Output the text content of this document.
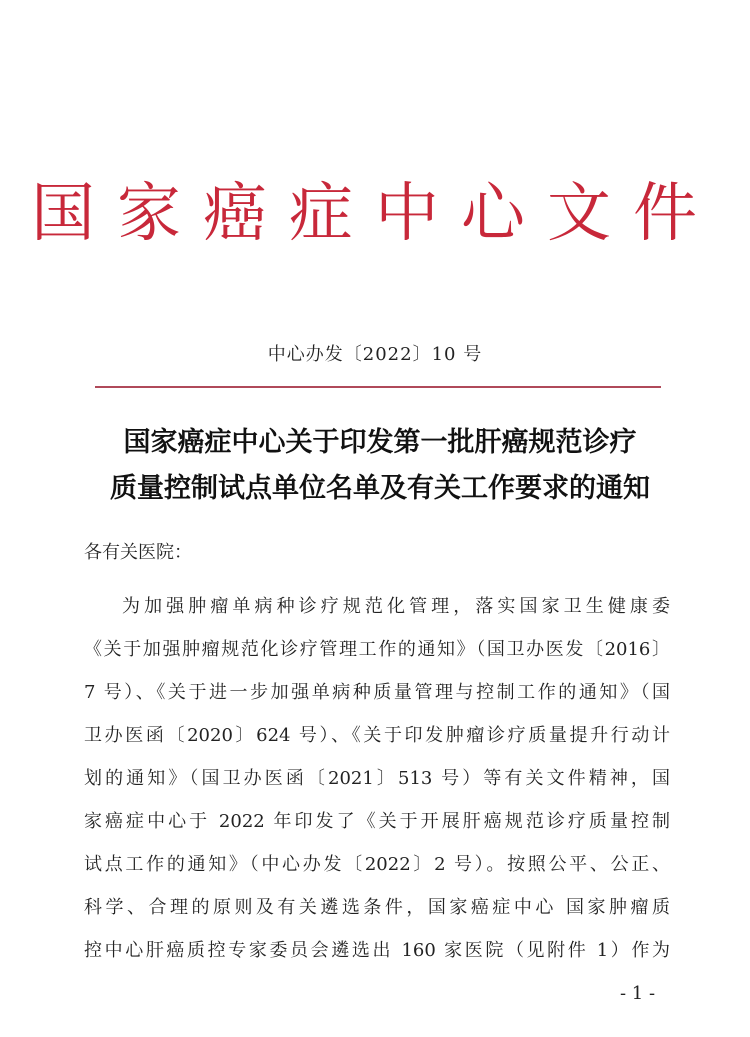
国家癌症中心文件
中心办发〔2022〕10 号
国家癌症中心关于印发第一批肝癌规范诊疗
质量控制试点单位名单及有关工作要求的通知
各有关医院：
为加强肿瘤单病种诊疗规范化管理，落实国家卫生健康委
《关于加强肿瘤规范化诊疗管理工作的通知》（国卫办医发〔2016〕
7 号）、《关于进一步加强单病种质量管理与控制工作的通知》（国
卫办医函〔2020〕624 号）、《关于印发肿瘤诊疗质量提升行动计
划的通知》（国卫办医函〔2021〕513 号）等有关文件精神，国
家癌症中心于 2022 年印发了《关于开展肝癌规范诊疗质量控制
试点工作的通知》（中心办发〔2022〕2 号）。按照公平、公正、
科学、合理的原则及有关遴选条件，国家癌症中心 国家肿瘤质
控中心肝癌质控专家委员会遴选出 160 家医院（见附件 1）作为
- 1 -
